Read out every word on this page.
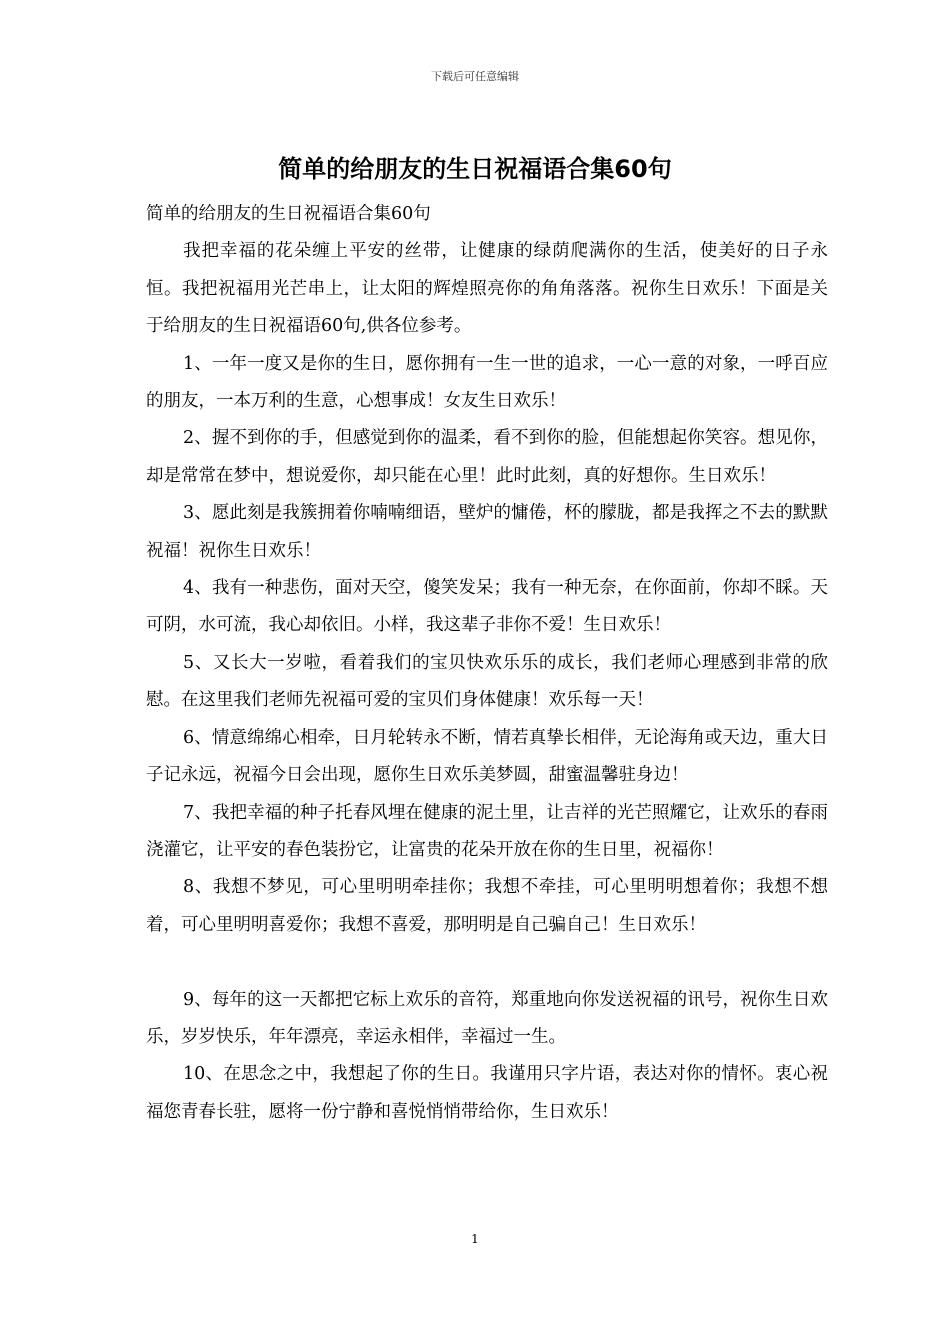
下载后可任意编辑
简单的给朋友的生日祝福语合集60句

简单的给朋友的生日祝福语合集60句

我把幸福的花朵缠上平安的丝带，让健康的绿荫爬满你的生活，使美好的日子永恒。我把祝福用光芒串上，让太阳的辉煌照亮你的角角落落。祝你生日欢乐！下面是关于给朋友的生日祝福语60句,供各位参考。

1、一年一度又是你的生日，愿你拥有一生一世的追求，一心一意的对象，一呼百应的朋友，一本万利的生意，心想事成！女友生日欢乐！

2、握不到你的手，但感觉到你的温柔，看不到你的脸，但能想起你笑容。想见你，却是常常在梦中，想说爱你，却只能在心里！此时此刻，真的好想你。生日欢乐！

3、愿此刻是我簇拥着你喃喃细语，壁炉的慵倦，杯的朦胧，都是我挥之不去的默默祝福！祝你生日欢乐！

4、我有一种悲伤，面对天空，傻笑发呆；我有一种无奈，在你面前，你却不睬。天可阴，水可流，我心却依旧。小样，我这辈子非你不爱！生日欢乐！

5、又长大一岁啦，看着我们的宝贝快欢乐乐的成长，我们老师心理感到非常的欣慰。在这里我们老师先祝福可爱的宝贝们身体健康！欢乐每一天！

6、情意绵绵心相牵，日月轮转永不断，情若真挚长相伴，无论海角或天边，重大日子记永远，祝福今日会出现，愿你生日欢乐美梦圆，甜蜜温馨驻身边！

7、我把幸福的种子托春风埋在健康的泥土里，让吉祥的光芒照耀它，让欢乐的春雨浇灌它，让平安的春色装扮它，让富贵的花朵开放在你的生日里，祝福你！

8、我想不梦见，可心里明明牵挂你；我想不牵挂，可心里明明想着你；我想不想着，可心里明明喜爱你；我想不喜爱，那明明是自己骗自己！生日欢乐！

9、每年的这一天都把它标上欢乐的音符，郑重地向你发送祝福的讯号，祝你生日欢乐，岁岁快乐，年年漂亮，幸运永相伴，幸福过一生。

10、在思念之中，我想起了你的生日。我谨用只字片语，表达对你的情怀。衷心祝福您青春长驻，愿将一份宁静和喜悦悄悄带给你，生日欢乐！

1
